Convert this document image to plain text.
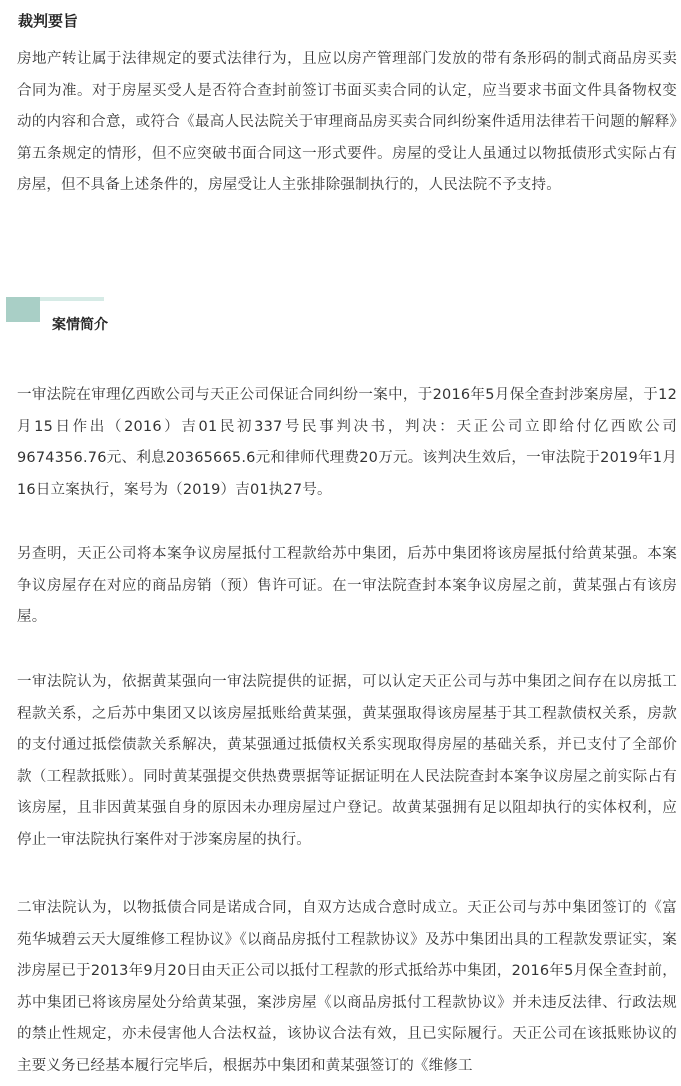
裁判要旨

房地产转让属于法律规定的要式法律行为，且应以房产管理部门发放的带有条形码的制式商品房买卖合同为准。对于房屋买受人是否符合查封前签订书面买卖合同的认定，应当要求书面文件具备物权变动的内容和合意，或符合《最高人民法院关于审理商品房买卖合同纠纷案件适用法律若干问题的解释》第五条规定的情形，但不应突破书面合同这一形式要件。房屋的受让人虽通过以物抵债形式实际占有房屋，但不具备上述条件的，房屋受让人主张排除强制执行的，人民法院不予支持。

案情简介

一审法院在审理亿西欧公司与天正公司保证合同纠纷一案中，于2016年5月保全查封涉案房屋，于12月15日作出（2016）吉01民初337号民事判决书，判决：天正公司立即给付亿西欧公司9674356.76元、利息20365665.6元和律师代理费20万元。该判决生效后，一审法院于2019年1月16日立案执行，案号为（2019）吉01执27号。

另查明，天正公司将本案争议房屋抵付工程款给苏中集团，后苏中集团将该房屋抵付给黄某强。本案争议房屋存在对应的商品房销（预）售许可证。在一审法院查封本案争议房屋之前，黄某强占有该房屋。

一审法院认为，依据黄某强向一审法院提供的证据，可以认定天正公司与苏中集团之间存在以房抵工程款关系，之后苏中集团又以该房屋抵账给黄某强，黄某强取得该房屋基于其工程款债权关系，房款的支付通过抵偿债款关系解决，黄某强通过抵债权关系实现取得房屋的基础关系，并已支付了全部价款（工程款抵账）。同时黄某强提交供热费票据等证据证明在人民法院查封本案争议房屋之前实际占有该房屋，且非因黄某强自身的原因未办理房屋过户登记。故黄某强拥有足以阻却执行的实体权利，应停止一审法院执行案件对于涉案房屋的执行。

二审法院认为，以物抵债合同是诺成合同，自双方达成合意时成立。天正公司与苏中集团签订的《富苑华城碧云天大厦维修工程协议》《以商品房抵付工程款协议》及苏中集团出具的工程款发票证实，案涉房屋已于2013年9月20日由天正公司以抵付工程款的形式抵给苏中集团，2016年5月保全查封前，苏中集团已将该房屋处分给黄某强，案涉房屋《以商品房抵付工程款协议》并未违反法律、行政法规的禁止性规定，亦未侵害他人合法权益，该协议合法有效，且已实际履行。天正公司在该抵账协议的主要义务已经基本履行完毕后，根据苏中集团和黄某强签订的《维修工
